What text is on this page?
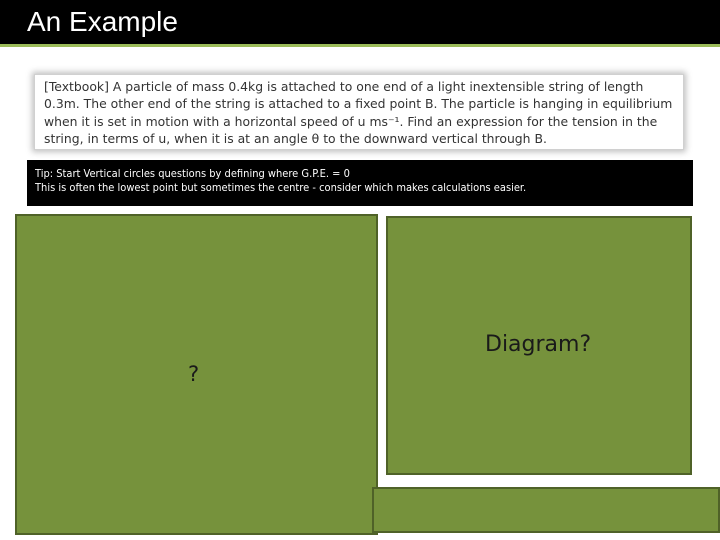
An Example

[Textbook] A particle of mass 0.4kg is attached to one end of a light inextensible string of length 0.3m. The other end of the string is attached to a fixed point B. The particle is hanging in equilibrium when it is set in motion with a horizontal speed of u ms⁻¹. Find an expression for the tension in the string, in terms of u, when it is at an angle θ to the downward vertical through B.

Tip: Start Vertical circles questions by defining where G.P.E. = 0

This is often the lowest point but sometimes the centre - consider which makes calculations easier.

?
Diagram?
